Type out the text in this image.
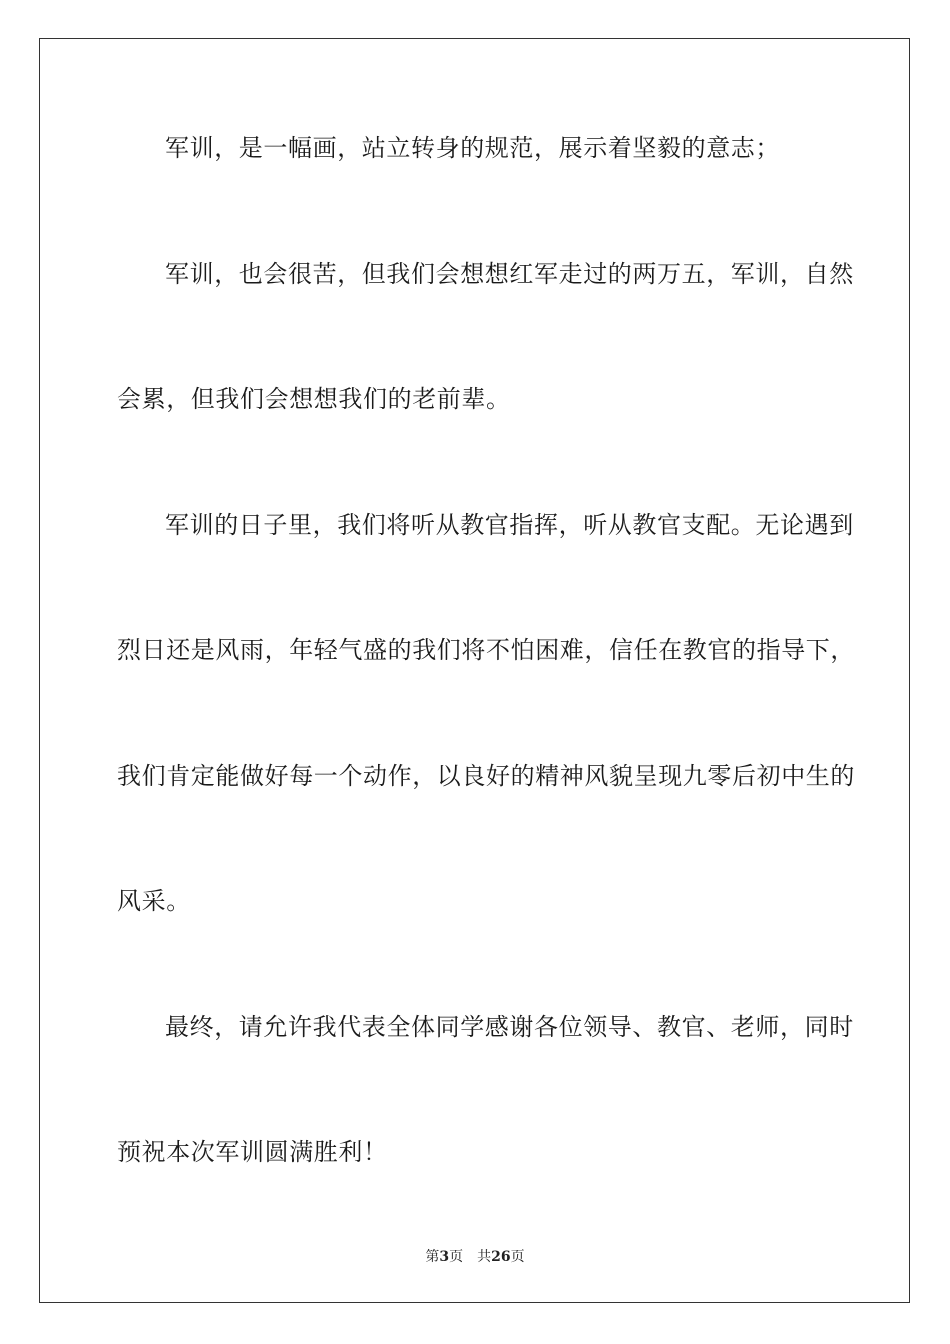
军训，是一幅画，站立转身的规范，展示着坚毅的意志；
军训，也会很苦，但我们会想想红军走过的两万五，军训，自然
会累，但我们会想想我们的老前辈。
军训的日子里，我们将听从教官指挥，听从教官支配。无论遇到
烈日还是风雨，年轻气盛的我们将不怕困难，信任在教官的指导下，
我们肯定能做好每一个动作，以良好的精神风貌呈现九零后初中生的
风采。
最终，请允许我代表全体同学感谢各位领导、教官、老师，同时
预祝本次军训圆满胜利！
第3页 共26页
